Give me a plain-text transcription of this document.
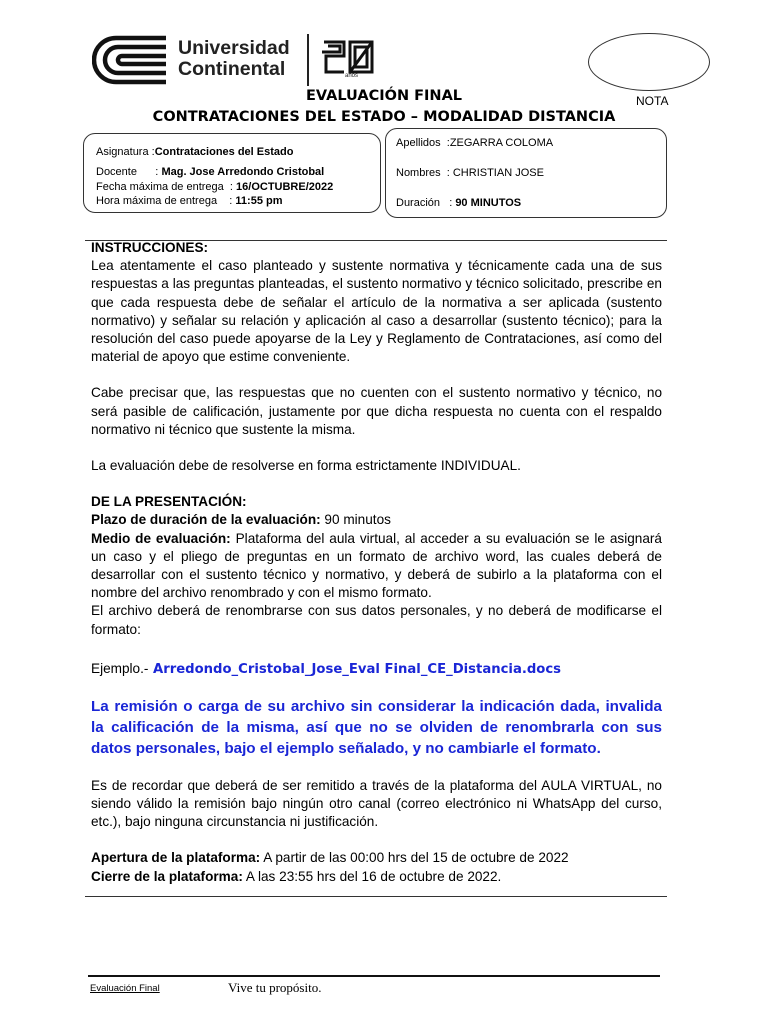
Universidad
Continental	años
NOTA
EVALUACIÓN FINAL
CONTRATACIONES DEL ESTADO – MODALIDAD DISTANCIA
Asignatura :Contrataciones del Estado
Docente      : Mag. Jose Arredondo Cristobal
Fecha máxima de entrega  : 16/OCTUBRE/2022
Hora máxima de entrega    : 11:55 pm
Apellidos  :ZEGARRA COLOMA
Nombres  : CHRISTIAN JOSE
Duración   : 90 MINUTOS

INSTRUCCIONES:

Lea atentamente el caso planteado y sustente normativa y técnicamente cada una de sus respuestas a las preguntas planteadas, el sustento normativo y técnico solicitado, prescribe en que cada respuesta debe de señalar el artículo de la normativa a ser aplicada (sustento normativo) y señalar su relación y aplicación al caso a desarrollar (sustento técnico); para la resolución del caso puede apoyarse de la Ley y Reglamento de Contrataciones, así como del material de apoyo que estime conveniente.

Cabe precisar que, las respuestas que no cuenten con el sustento normativo y técnico, no será pasible de calificación, justamente por que dicha respuesta no cuenta con el respaldo normativo ni técnico que sustente la misma.

La evaluación debe de resolverse en forma estrictamente INDIVIDUAL.

DE LA PRESENTACIÓN:

Plazo de duración de la evaluación: 90 minutos

Medio de evaluación: Plataforma del aula virtual, al acceder a su evaluación se le asignará un caso y el pliego de preguntas en un formato de archivo word, las cuales deberá de desarrollar con el sustento técnico y normativo, y deberá de subirlo a la plataforma con el nombre del archivo renombrado y con el mismo formato.

El archivo deberá de renombrarse con sus datos personales, y no deberá de modificarse el formato:

Ejemplo.- Arredondo_Cristobal_Jose_Eval Final_CE_Distancia.docs

La remisión o carga de su archivo sin considerar la indicación dada, invalida la calificación de la misma, así que no se olviden de renombrarla con sus datos personales, bajo el ejemplo señalado, y no cambiarle el formato.

Es de recordar que deberá de ser remitido a través de la plataforma del AULA VIRTUAL, no siendo válido la remisión bajo ningún otro canal (correo electrónico ni WhatsApp del curso, etc.), bajo ninguna circunstancia ni justificación.

Apertura de la plataforma: A partir de las 00:00 hrs del 15 de octubre de 2022

Cierre de la plataforma: A las 23:55 hrs del 16 de octubre de 2022.

Evaluación Final	Vive tu propósito.
